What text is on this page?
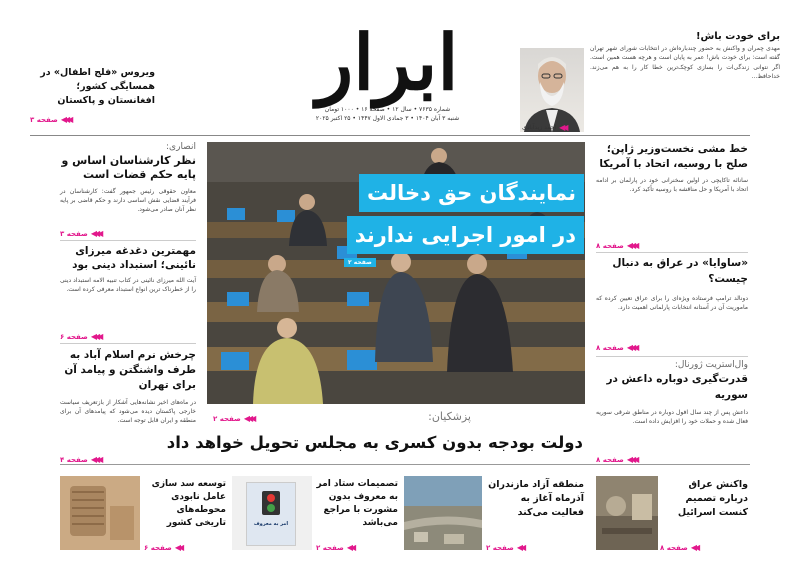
ابرار
شماره ۷۶۳۵ • سال ۱۲ • صفحه ۱۶ • ۱۰۰۰ تومان
شنبه ۳ آبان ۱۴۰۴ • ۳ جمادی الاول ۱۴۴۷ • ۲۵ اکتبر ۲۰۲۵
برای خودت باش!
مهدی چمران و واکنش به حضور چندباره‌اش در انتخابات شورای شهر تهران گفته است: برای خودت باش! عمر به پایان است و هرچه هست همین است. اگر نتوانی زندگی‌ات را بسازی کوچک‌ترین خطا کار را به هم می‌زند. خداحافظ...
◀◀
احمد زیدآبادی
ویروس «فلج اطفال» در همسایگی کشور؛ افغانستان و پاکستان
◀◀◀
صفحه ۳
انصاری:
نظر کارشناسان اساس و پایه حکم قضات است
معاون حقوقی رئیس جمهور گفت: کارشناسان در فرآیند قضایی نقش اساسی دارند و حکم قاضی بر پایه نظر آنان صادر می‌شود.
◀◀◀
صفحه ۳
مهمترین دغدغه میرزای نائینی؛ استبداد دینی بود
آیت الله میرزای نائینی در کتاب تنبیه الامه استبداد دینی را از خطرناک ترین انواع استبداد معرفی کرده است.
◀◀◀
صفحه ۶
چرخش نرم اسلام آباد به طرف واشنگتن و پیامد آن برای تهران
در ماه‌های اخیر نشانه‌هایی آشکار از بازتعریف سیاست خارجی پاکستان دیده می‌شود که پیامدهای آن برای منطقه و ایران قابل توجه است.
◀◀◀
صفحه ۴
خط مشی نخست‌وزیر ژاپن؛ صلح با روسیه، اتحاد با آمریکا
سانائه تاکایچی در اولین سخنرانی خود در پارلمان بر ادامه اتحاد با آمریکا و حل مناقشه با روسیه تأکید کرد.
◀◀◀
صفحه ۸
«ساوایا» در عراق به دنبال چیست؟
دونالد ترامپ فرستاده ویژه‌ای را برای عراق تعیین کرده که ماموریت آن در آستانه انتخابات پارلمانی اهمیت دارد.
◀◀◀
صفحه ۸
وال‌استریت ژورنال:
قدرت‌گیری دوباره داعش در سوریه
داعش پس از چند سال افول دوباره در مناطق شرقی سوریه فعال شده و حملات خود را افزایش داده است.
◀◀◀
صفحه ۸
نمایندگان حق دخالت
در امور اجرایی ندارند
صفحه ۲
پزشکیان:
◀◀◀
صفحه ۲
دولت بودجه بدون کسری به مجلس تحویل خواهد داد
واکنش عراق درباره تصمیم کنست اسرائیل
◀◀
صفحه ۸
منطقه آزاد مازندران آذرماه آغاز به فعالیت می‌کند
◀◀
صفحه ۲
امر به معروف
تصمیمات ستاد امر به معروف بدون مشورت با مراجع می‌باشد
◀◀
صفحه ۲
توسعه سد سازی عامل نابودی محوطه‌های تاریخی کشور
◀◀
صفحه ۶
